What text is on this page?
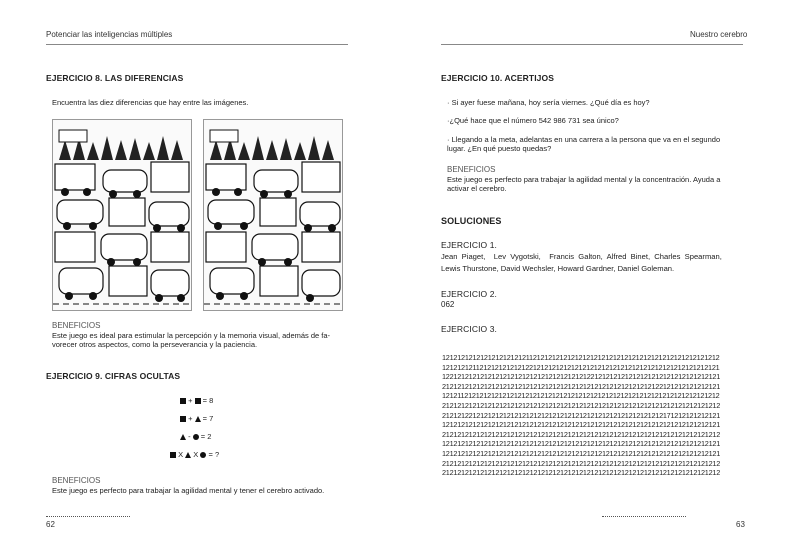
Potenciar las inteligencias múltiples
EJERCICIO 8. LAS DIFERENCIAS
Encuentra las diez diferencias que hay entre las imágenes.
BENEFICIOS
Este juego es ideal para estimular la percepción y la memoria visual, además de fa-
vorecer otros aspectos, como la perseverancia y la paciencia.
EJERCICIO 9. CIFRAS OCULTAS
+ = 8
+ = 7
- = 2
X X = ?
BENEFICIOS
Este juego es perfecto para trabajar la agilidad mental y tener el cerebro activado.
62
Nuestro cerebro
EJERCICIO 10. ACERTIJOS
· Si ayer fuese mañana, hoy sería viernes. ¿Qué día es hoy?
·¿Qué hace que el número 542 986 731 sea único?
· Llegando a la meta, adelantas en una carrera a la persona que va en el segundo
lugar. ¿En qué puesto quedas?
BENEFICIOS
Este juego es perfecto para trabajar la agilidad mental y la concentración. Ayuda a
activar el cerebro.
SOLUCIONES
EJERCICIO 1.
Jean  Piaget,    Lev  Vygotski,    Francis  Galton,  Alfred  Binet,  Charles  Spearman,
Lewis Thurstone, David Wechsler, Howard Gardner, Daniel Goleman.
EJERCICIO 2.
062
EJERCICIO 3.
1212121212121212121212112121212121212121212121212121212121212121212121212
1212121211212121212121221212121212121212121212121212121212121212121212121
1221212121212121212121212121212121212122121212121212121212121212121212121
2121212121212121212121212121212121212121212121212121212122121212121212121
1212112121212121212121212121212121212121212121212121212121212121212121212
2121212121212121212121212121212121212121212121212121212121212121212121212
2121212212121212121212121212121212121212121212121212121212171212121212121
1212121212121212121212121212121212121212121212121212121212121212121212121
2121212121212121212121212121212121212121212121212121212121212121212121212
1212121212121212121212121212121212121212121212121212121212121212121212121
1212121212121212121212121212121212121212121212121212121212121212121212121
2121212121212121212121212121212121212121212121212121212121212121212121212
2121212121212121212121212121212121212121212121212121212121212121212121212
63
